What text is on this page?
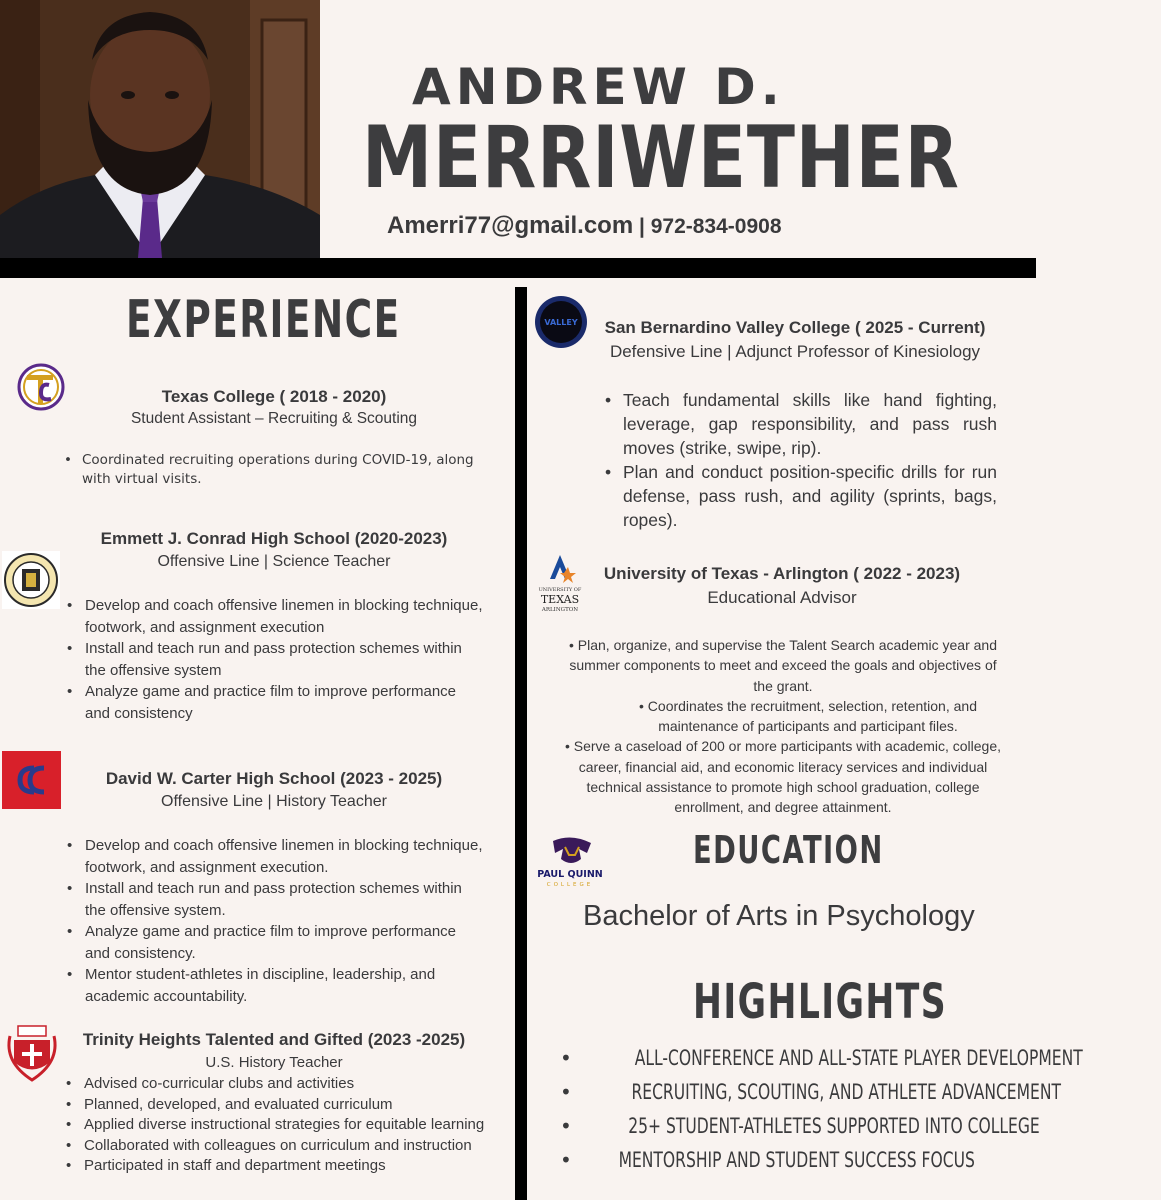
ANDREW D.
MERRIWETHER
Amerri77@gmail.com | 972-834-0908
EXPERIENCE
Texas College ( 2018 - 2020)
Student Assistant – Recruiting & Scouting
• Coordinated recruiting operations during COVID-19, along with virtual visits.
Emmett J. Conrad High School (2020-2023)
Offensive Line | Science Teacher
• Develop and coach offensive linemen in blocking technique, footwork, and assignment execution
• Install and teach run and pass protection schemes within the offensive system
• Analyze game and practice film to improve performance and consistency
David W. Carter High School (2023 - 2025)
Offensive Line | History Teacher
• Develop and coach offensive linemen in blocking technique, footwork, and assignment execution.
• Install and teach run and pass protection schemes within the offensive system.
• Analyze game and practice film to improve performance and consistency.
• Mentor student-athletes in discipline, leadership, and academic accountability.
Trinity Heights Talented and Gifted (2023 -2025)
U.S. History Teacher
• Advised co-curricular clubs and activities
• Planned, developed, and evaluated curriculum
• Applied diverse instructional strategies for equitable learning
• Collaborated with colleagues on curriculum and instruction
• Participated in staff and department meetings
VALLEY	San Bernardino Valley College ( 2025 - Current)
Defensive Line | Adjunct Professor of Kinesiology
• Teach fundamental skills like hand fighting, leverage, gap responsibility, and pass rush moves (strike, swipe, rip).
• Plan and conduct position-specific drills for run defense, pass rush, and agility (sprints, bags, ropes).
UNIVERSITY OF
TEXAS
ARLINGTON
University of Texas - Arlington ( 2022 - 2023)
Educational Advisor
• Plan, organize, and supervise the Talent Search academic year and summer components to meet and exceed the goals and objectives of the grant.
• Coordinates the recruitment, selection, retention, and maintenance of participants and participant files.
• Serve a caseload of 200 or more participants with academic, college, career, financial aid, and economic literacy services and individual technical assistance to promote high school graduation, college enrollment, and degree attainment.
PAUL QUINN
COLLEGE
EDUCATION
Bachelor of Arts in Psychology
HIGHLIGHTS
• ALL-CONFERENCE AND ALL-STATE PLAYER DEVELOPMENT
• RECRUITING, SCOUTING, AND ATHLETE ADVANCEMENT
• 25+ STUDENT-ATHLETES SUPPORTED INTO COLLEGE
• MENTORSHIP AND STUDENT SUCCESS FOCUS
